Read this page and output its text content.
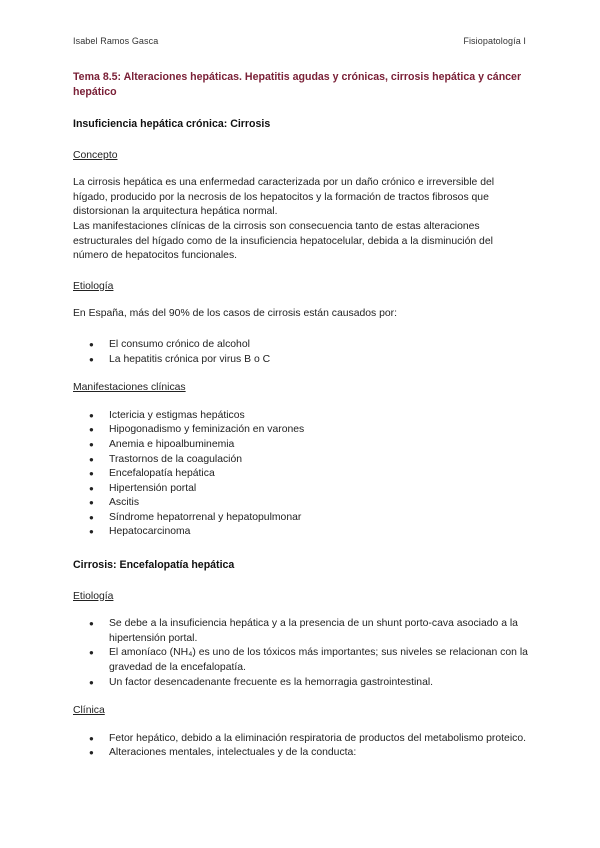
Isabel Ramos Gasca	Fisiopatología I
Tema 8.5: Alteraciones hepáticas. Hepatitis agudas y crónicas, cirrosis hepática y cáncer hepático
Insuficiencia hepática crónica: Cirrosis
Concepto

La cirrosis hepática es una enfermedad caracterizada por un daño crónico e irreversible del hígado, producido por la necrosis de los hepatocitos y la formación de tractos fibrosos que distorsionan la arquitectura hepática normal.

Las manifestaciones clínicas de la cirrosis son consecuencia tanto de estas alteraciones estructurales del hígado como de la insuficiencia hepatocelular, debida a la disminución del número de hepatocitos funcionales.

Etiología

En España, más del 90% de los casos de cirrosis están causados por:

● El consumo crónico de alcohol
● La hepatitis crónica por virus B o C
Manifestaciones clínicas
● Ictericia y estigmas hepáticos
● Hipogonadismo y feminización en varones
● Anemia e hipoalbuminemia
● Trastornos de la coagulación
● Encefalopatía hepática
● Hipertensión portal
● Ascitis
● Síndrome hepatorrenal y hepatopulmonar
● Hepatocarcinoma
Cirrosis: Encefalopatía hepática
Etiología
● Se debe a la insuficiencia hepática y a la presencia de un shunt porto-cava asociado a la hipertensión portal.
● El amoníaco (NH₄) es uno de los tóxicos más importantes; sus niveles se relacionan con la gravedad de la encefalopatía.
● Un factor desencadenante frecuente es la hemorragia gastrointestinal.
Clínica
● Fetor hepático, debido a la eliminación respiratoria de productos del metabolismo proteico.
● Alteraciones mentales, intelectuales y de la conducta:
